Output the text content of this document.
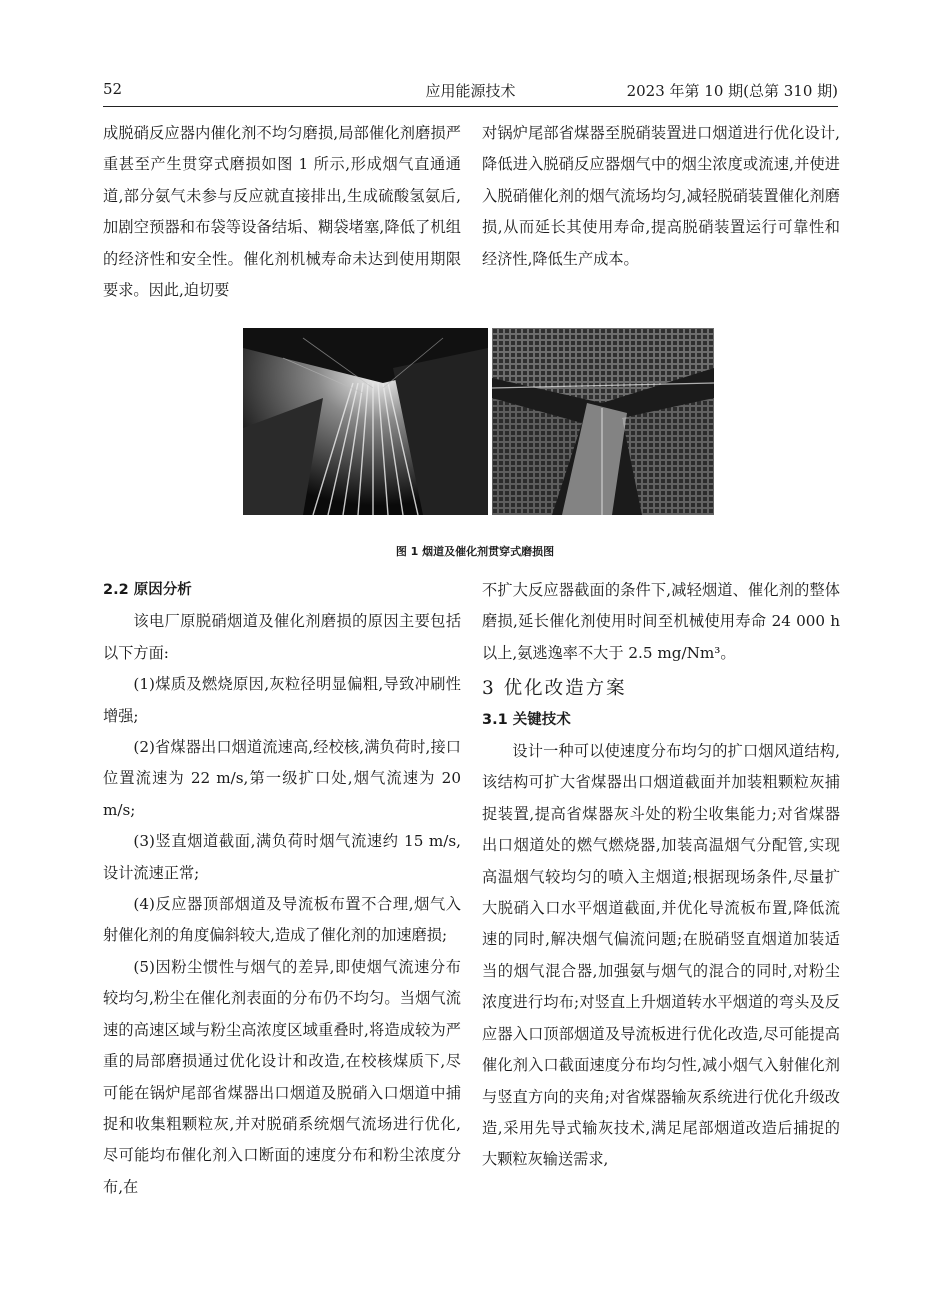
52	应用能源技术	2023 年第 10 期(总第 310 期)

成脱硝反应器内催化剂不均匀磨损,局部催化剂磨损严重甚至产生贯穿式磨损如图 1 所示,形成烟气直通通道,部分氨气未参与反应就直接排出,生成硫酸氢氨后,加剧空预器和布袋等设备结垢、糊袋堵塞,降低了机组的经济性和安全性。催化剂机械寿命未达到使用期限要求。因此,迫切要

对锅炉尾部省煤器至脱硝装置进口烟道进行优化设计,降低进入脱硝反应器烟气中的烟尘浓度或流速,并使进入脱硝催化剂的烟气流场均匀,减轻脱硝装置催化剂磨损,从而延长其使用寿命,提高脱硝装置运行可靠性和经济性,降低生产成本。

图 1 烟道及催化剂贯穿式磨损图

2.2 原因分析

该电厂原脱硝烟道及催化剂磨损的原因主要包括以下方面:

(1)煤质及燃烧原因,灰粒径明显偏粗,导致冲刷性增强;

(2)省煤器出口烟道流速高,经校核,满负荷时,接口位置流速为 22 m/s,第一级扩口处,烟气流速为 20 m/s;

(3)竖直烟道截面,满负荷时烟气流速约 15 m/s,设计流速正常;

(4)反应器顶部烟道及导流板布置不合理,烟气入射催化剂的角度偏斜较大,造成了催化剂的加速磨损;

(5)因粉尘惯性与烟气的差异,即使烟气流速分布较均匀,粉尘在催化剂表面的分布仍不均匀。当烟气流速的高速区域与粉尘高浓度区域重叠时,将造成较为严重的局部磨损通过优化设计和改造,在校核煤质下,尽可能在锅炉尾部省煤器出口烟道及脱硝入口烟道中捕捉和收集粗颗粒灰,并对脱硝系统烟气流场进行优化,尽可能均布催化剂入口断面的速度分布和粉尘浓度分布,在

不扩大反应器截面的条件下,减轻烟道、催化剂的整体磨损,延长催化剂使用时间至机械使用寿命 24 000 h 以上,氨逃逸率不大于 2.5 mg/Nm³。

3 优化改造方案

3.1 关键技术

设计一种可以使速度分布均匀的扩口烟风道结构,该结构可扩大省煤器出口烟道截面并加装粗颗粒灰捕捉装置,提高省煤器灰斗处的粉尘收集能力;对省煤器出口烟道处的燃气燃烧器,加装高温烟气分配管,实现高温烟气较均匀的喷入主烟道;根据现场条件,尽量扩大脱硝入口水平烟道截面,并优化导流板布置,降低流速的同时,解决烟气偏流问题;在脱硝竖直烟道加装适当的烟气混合器,加强氨与烟气的混合的同时,对粉尘浓度进行均布;对竖直上升烟道转水平烟道的弯头及反应器入口顶部烟道及导流板进行优化改造,尽可能提高催化剂入口截面速度分布均匀性,减小烟气入射催化剂与竖直方向的夹角;对省煤器输灰系统进行优化升级改造,采用先导式输灰技术,满足尾部烟道改造后捕捉的大颗粒灰输送需求,
